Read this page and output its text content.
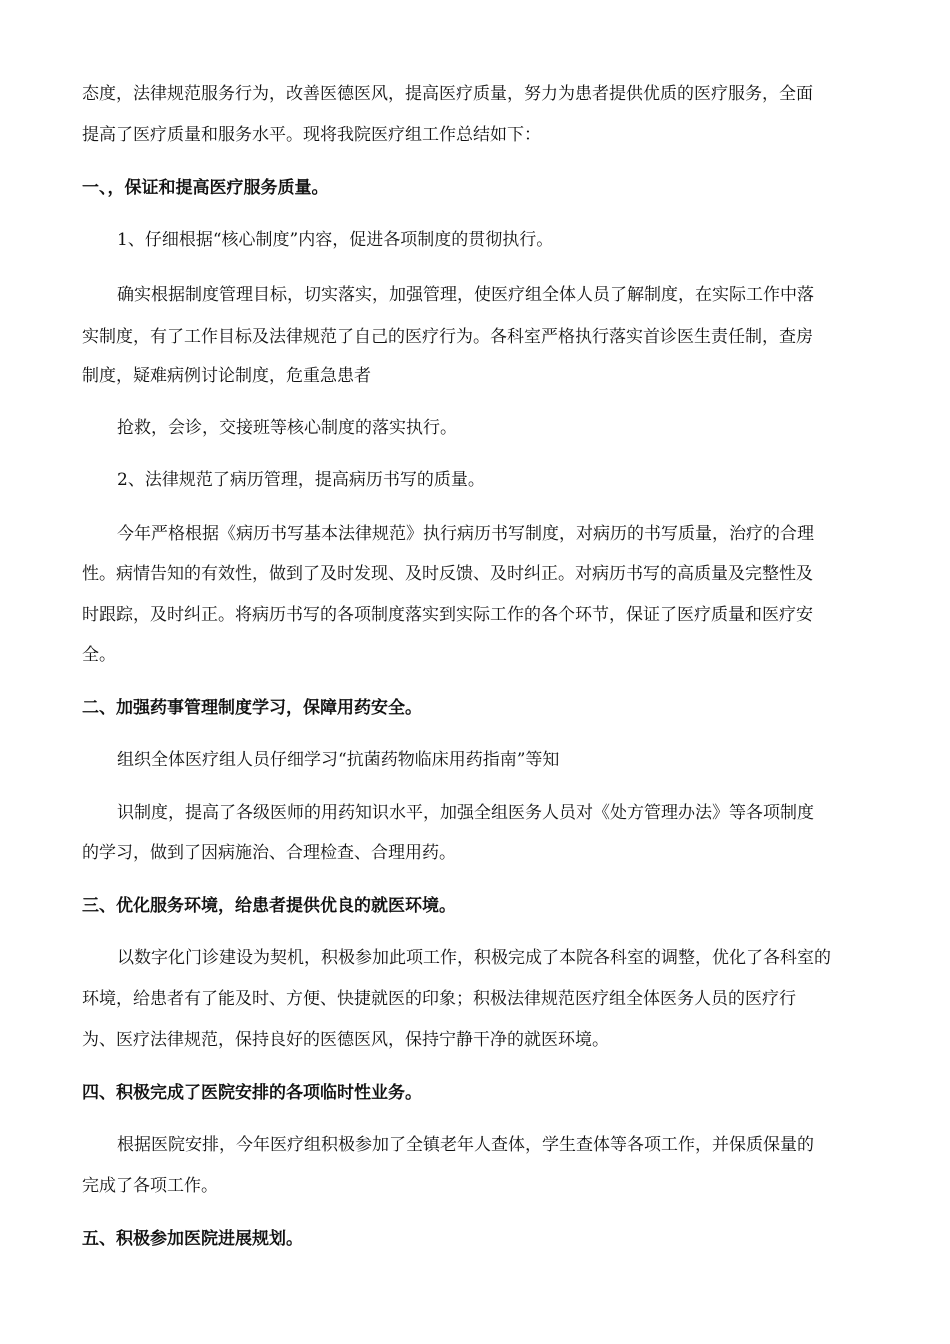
态度，法律规范服务行为，改善医德医风，提高医疗质量，努力为患者提供优质的医疗服务，全面
提高了医疗质量和服务水平。现将我院医疗组工作总结如下：
一、，保证和提高医疗服务质量。
1、仔细根据“核心制度”内容，促进各项制度的贯彻执行。
确实根据制度管理目标，切实落实，加强管理，使医疗组全体人员了解制度，在实际工作中落
实制度，有了工作目标及法律规范了自己的医疗行为。各科室严格执行落实首诊医生责任制，查房
制度，疑难病例讨论制度，危重急患者
抢救，会诊，交接班等核心制度的落实执行。
2、法律规范了病历管理，提高病历书写的质量。
今年严格根据《病历书写基本法律规范》执行病历书写制度，对病历的书写质量，治疗的合理
性。病情告知的有效性，做到了及时发现、及时反馈、及时纠正。对病历书写的高质量及完整性及
时跟踪，及时纠正。将病历书写的各项制度落实到实际工作的各个环节，保证了医疗质量和医疗安
全。
二、加强药事管理制度学习，保障用药安全。
组织全体医疗组人员仔细学习“抗菌药物临床用药指南”等知
识制度，提高了各级医师的用药知识水平，加强全组医务人员对《处方管理办法》等各项制度
的学习，做到了因病施治、合理检查、合理用药。
三、优化服务环境，给患者提供优良的就医环境。
以数字化门诊建设为契机，积极参加此项工作，积极完成了本院各科室的调整，优化了各科室的
环境，给患者有了能及时、方便、快捷就医的印象；积极法律规范医疗组全体医务人员的医疗行
为、医疗法律规范，保持良好的医德医风，保持宁静干净的就医环境。
四、积极完成了医院安排的各项临时性业务。
根据医院安排，今年医疗组积极参加了全镇老年人查体，学生查体等各项工作，并保质保量的
完成了各项工作。
五、积极参加医院进展规划。
